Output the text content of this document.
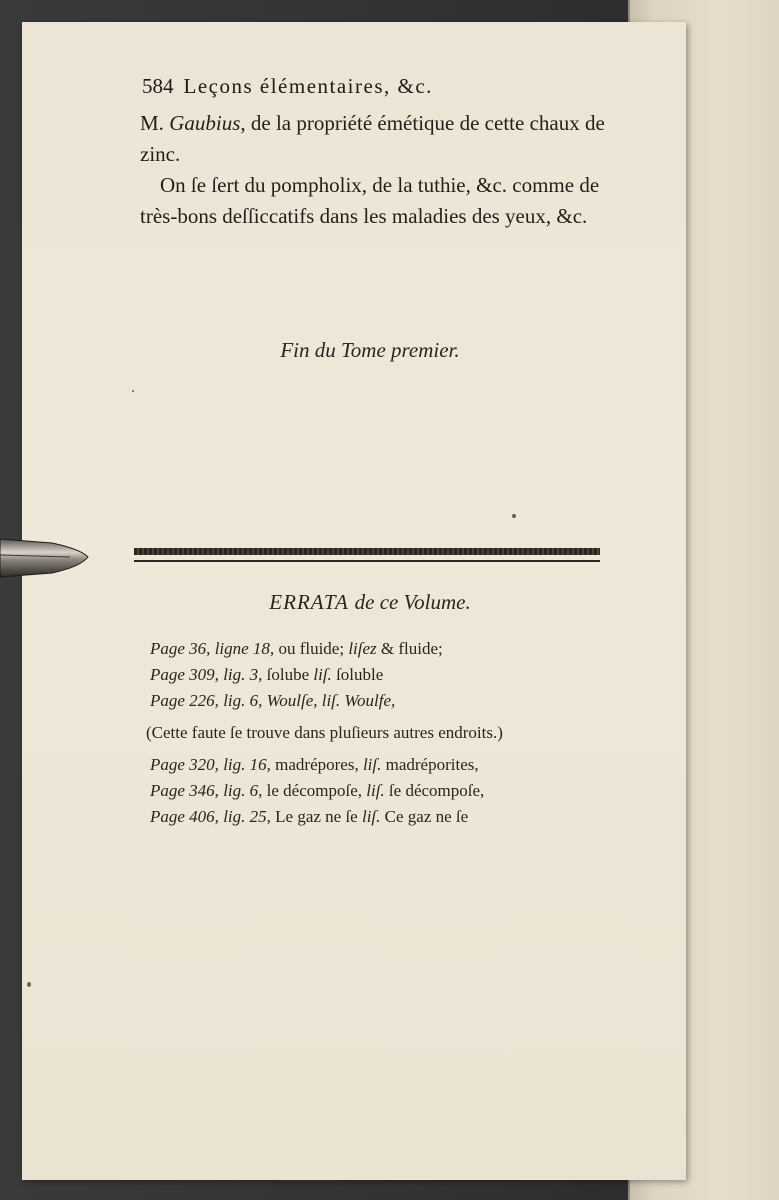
584 Leçons élémentaires, &c.

M. Gaubius, de la propriété émétique de cette chaux de zinc.

On ſe ſert du pompholix, de la tuthie, &c. comme de très-bons deſſiccatifs dans les maladies des yeux, &c.

Fin du Tome premier.
ERRATA de ce Volume.
Page 36, ligne 18, ou fluide; liſez & fluide;
Page 309, lig. 3, ſolube liſ. ſoluble
Page 226, lig. 6, Woulſe, liſ. Woulfe,
(Cette faute ſe trouve dans pluſieurs autres endroits.)
Page 320, lig. 16, madrépores, liſ. madréporites,
Page 346, lig. 6, le décompoſe, liſ. ſe décompoſe,
Page 406, lig. 25, Le gaz ne ſe liſ. Ce gaz ne ſe
